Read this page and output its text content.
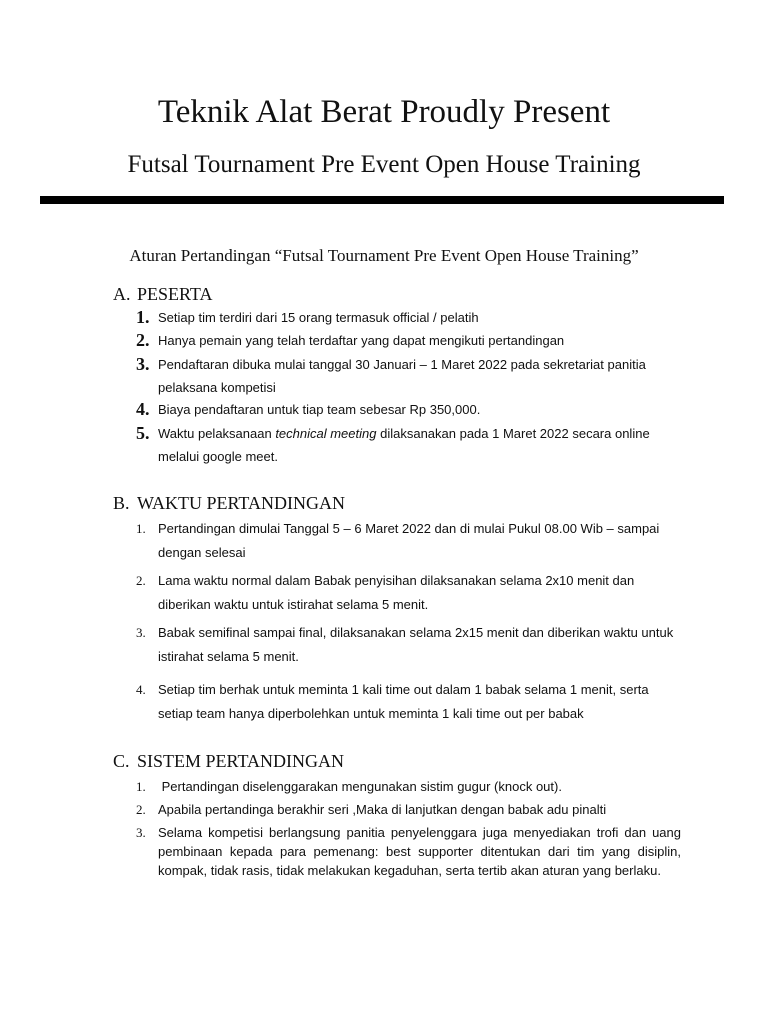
Teknik Alat Berat Proudly Present
Futsal Tournament Pre Event Open House Training
Aturan Pertandingan “Futsal Tournament Pre Event Open House Training”
A. PESERTA
1. Setiap tim terdiri dari 15 orang termasuk official / pelatih
2. Hanya pemain yang telah terdaftar yang dapat mengikuti pertandingan
3. Pendaftaran dibuka mulai tanggal 30 Januari – 1 Maret 2022 pada sekretariat panitia pelaksana kompetisi
4. Biaya pendaftaran untuk tiap team sebesar Rp 350,000.
5. Waktu pelaksanaan technical meeting dilaksanakan pada 1 Maret 2022 secara online melalui google meet.
B. WAKTU PERTANDINGAN
1. Pertandingan dimulai Tanggal 5 – 6 Maret 2022 dan di mulai Pukul 08.00 Wib – sampai dengan selesai
2. Lama waktu normal dalam Babak penyisihan dilaksanakan selama 2x10 menit dan diberikan waktu untuk istirahat selama 5 menit.
3. Babak semifinal sampai final, dilaksanakan selama 2x15 menit dan diberikan waktu untuk istirahat selama 5 menit.
4. Setiap tim berhak untuk meminta 1 kali time out dalam 1 babak selama 1 menit, serta setiap team hanya diperbolehkan untuk meminta 1 kali time out per babak
C. SISTEM PERTANDINGAN
1. Pertandingan diselenggarakan mengunakan sistim gugur (knock out).
2. Apabila pertandinga berakhir seri ,Maka di lanjutkan dengan babak adu pinalti
3. Selama kompetisi berlangsung panitia penyelenggara juga menyediakan trofi dan uang pembinaan kepada para pemenang: best supporter ditentukan dari tim yang disiplin, kompak, tidak rasis, tidak melakukan kegaduhan, serta tertib akan aturan yang berlaku.
